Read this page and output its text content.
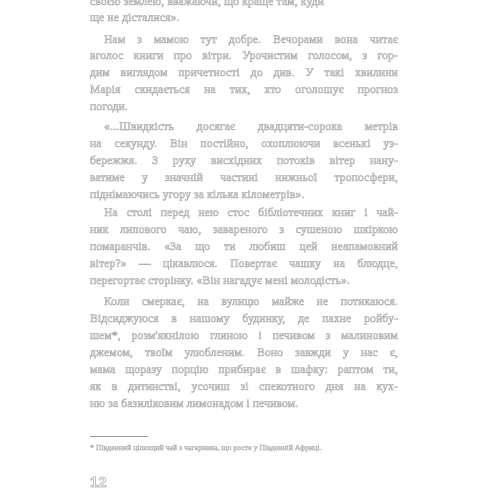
своєю землею, вважаючи, що краще там, куди
ще не дісталися».
Нам з мамою тут добре. Вечорами вона читає
вголос книги про вітри. Урочистим голосом, з гор-
дим виглядом причетності до див. У такі хвилини
Марія скидається на тих, хто оголошує прогноз
погоди.
«...Швидкість досягає двадцяти-сорока метрів
на секунду. Він постійно, охоплюючи всенькі уз-
бережжя. З руху висхідних потоків вітер нану-
ватиме у значній частині нижньої тропосфери,
піднімаючись угору за кілька кілометрів».
На столі перед нею стос бібліотечних книг і чай-
ник липового чаю, завареного з сушеною шкіркою
помаранчів. «За що ти любиш цей неапамовний
вітер?» — цікавлюся. Повертає чашку на блюдце,
перегортає сторінку. «Він нагадує мені молодість».
Коли смеркає, на вулицю майже не потикаюся.
Відсиджуюся в нашому будинку, де пахне ройбу-
шем*, розм'якнілою глиною і печивом з малиновим
джемом, твоїм улюбленим. Воно завжди у нас є,
мама щоразу порцію прибирає в шафку: раптом ти,
як в дитинстві, усочиш зі спекотного дня на кух-
ню за базиліковим лимонадом і печивом.
* Південний цілющий чай з чагарника, що росте у Південній Африці.
12
